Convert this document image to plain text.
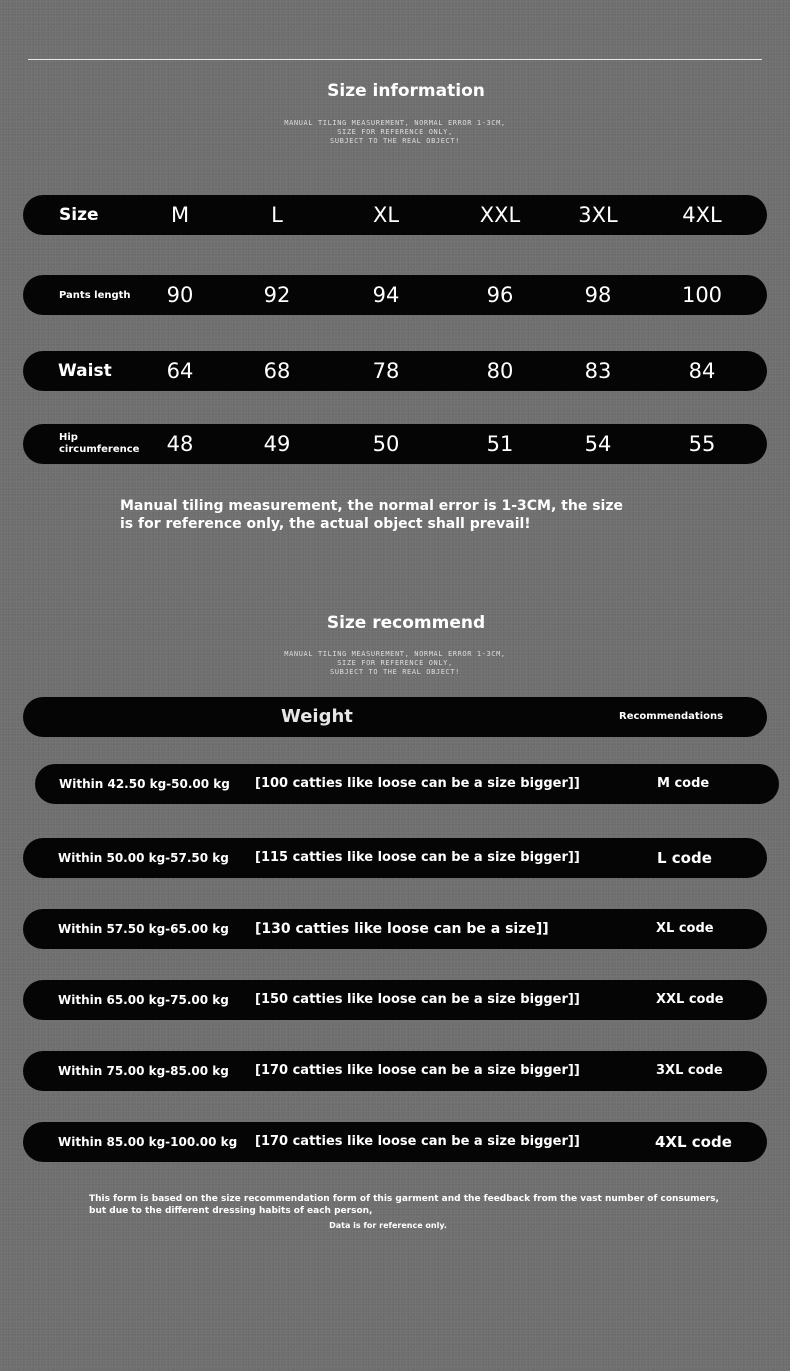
Size information
MANUAL TILING MEASUREMENT, NORMAL ERROR 1-3CM,
SIZE FOR REFERENCE ONLY,
SUBJECT TO THE REAL OBJECT!
Size	M	L	XL	XXL	3XL	4XL
Pants length 90	92	94	96	98	100
Waist	64	68	78	80	83	84
Hip
circumference 48	49	50	51	54	55
Manual tiling measurement, the normal error is 1-3CM, the size
is for reference only, the actual object shall prevail!
Size recommend
MANUAL TILING MEASUREMENT, NORMAL ERROR 1-3CM,
SIZE FOR REFERENCE ONLY,
SUBJECT TO THE REAL OBJECT!
Weight	Recommendations
Within 42.50 kg-50.00 kg [100 catties like loose can be a size bigger]]	M code
Within 50.00 kg-57.50 kg [115 catties like loose can be a size bigger]]	L code
Within 57.50 kg-65.00 kg [130 catties like loose can be a size]]	XL code
Within 65.00 kg-75.00 kg [150 catties like loose can be a size bigger]]	XXL code
Within 75.00 kg-85.00 kg [170 catties like loose can be a size bigger]]	3XL code
Within 85.00 kg-100.00 kg [170 catties like loose can be a size bigger]]	4XL code
This form is based on the size recommendation form of this garment and the feedback from the vast number of consumers,
but due to the different dressing habits of each person,
Data is for reference only.
